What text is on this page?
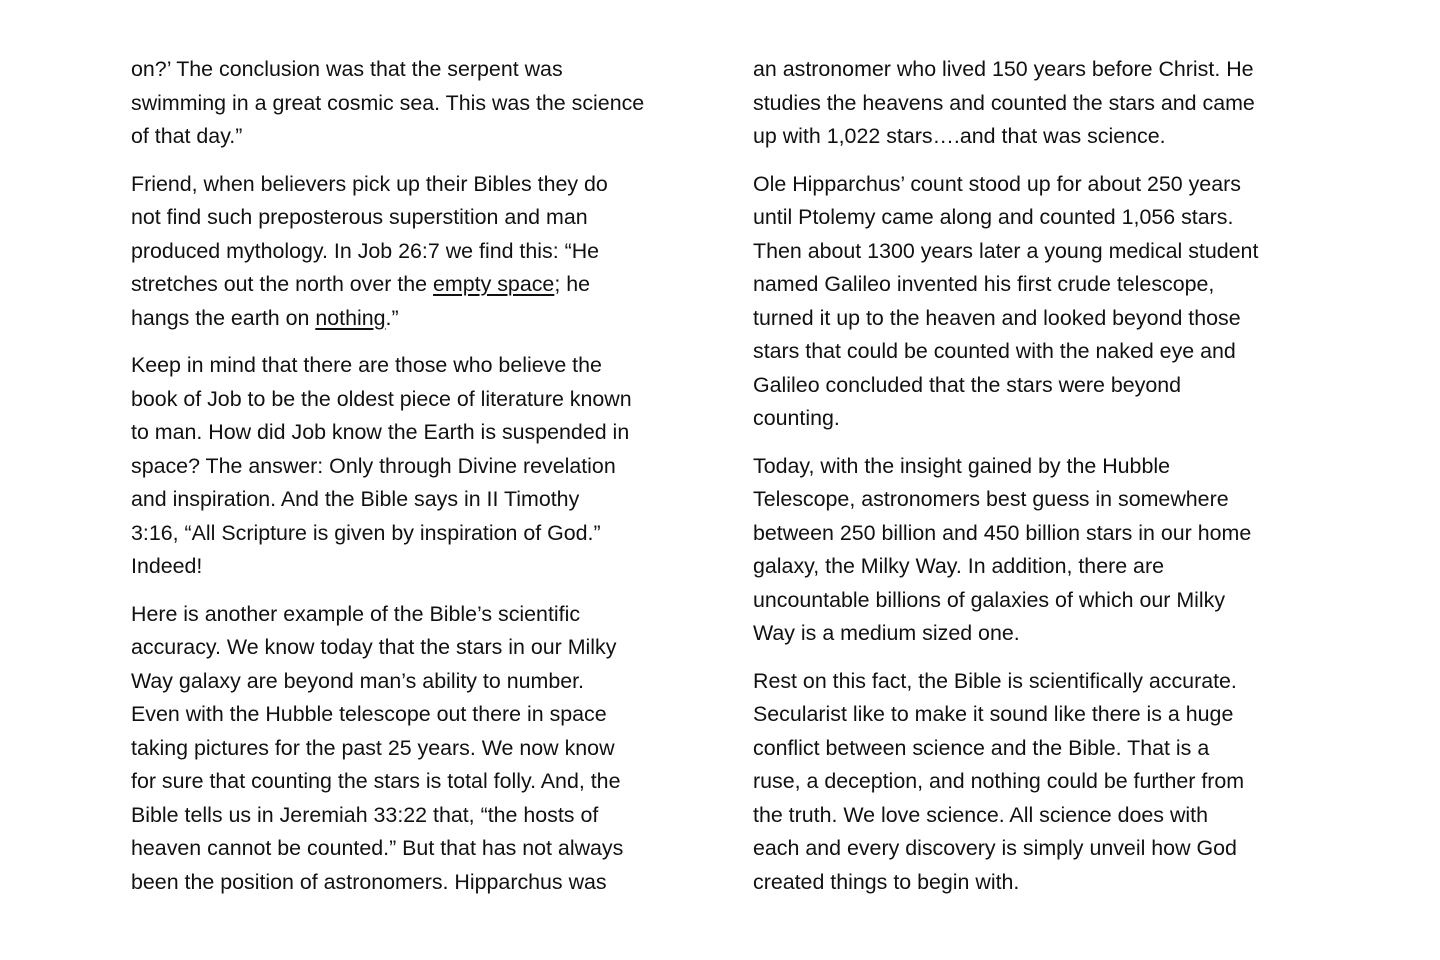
on?’ The conclusion was that the serpent was
swimming in a great cosmic sea. This was the science
of that day.”

Friend, when believers pick up their Bibles they do
not find such preposterous superstition and man
produced mythology. In Job 26:7 we find this: “He
stretches out the north over the empty space; he
hangs the earth on nothing.”

Keep in mind that there are those who believe the
book of Job to be the oldest piece of literature known
to man. How did Job know the Earth is suspended in
space? The answer: Only through Divine revelation
and inspiration. And the Bible says in II Timothy
3:16, “All Scripture is given by inspiration of God.”
Indeed!

Here is another example of the Bible’s scientific
accuracy. We know today that the stars in our Milky
Way galaxy are beyond man’s ability to number.
Even with the Hubble telescope out there in space
taking pictures for the past 25 years. We now know
for sure that counting the stars is total folly. And, the
Bible tells us in Jeremiah 33:22 that, “the hosts of
heaven cannot be counted.” But that has not always
been the position of astronomers. Hipparchus was

an astronomer who lived 150 years before Christ. He
studies the heavens and counted the stars and came
up with 1,022 stars….and that was science.

Ole Hipparchus’ count stood up for about 250 years
until Ptolemy came along and counted 1,056 stars.
Then about 1300 years later a young medical student
named Galileo invented his first crude telescope,
turned it up to the heaven and looked beyond those
stars that could be counted with the naked eye and
Galileo concluded that the stars were beyond
counting.

Today, with the insight gained by the Hubble
Telescope, astronomers best guess in somewhere
between 250 billion and 450 billion stars in our home
galaxy, the Milky Way. In addition, there are
uncountable billions of galaxies of which our Milky
Way is a medium sized one.

Rest on this fact, the Bible is scientifically accurate.
Secularist like to make it sound like there is a huge
conflict between science and the Bible. That is a
ruse, a deception, and nothing could be further from
the truth. We love science. All science does with
each and every discovery is simply unveil how God
created things to begin with.
